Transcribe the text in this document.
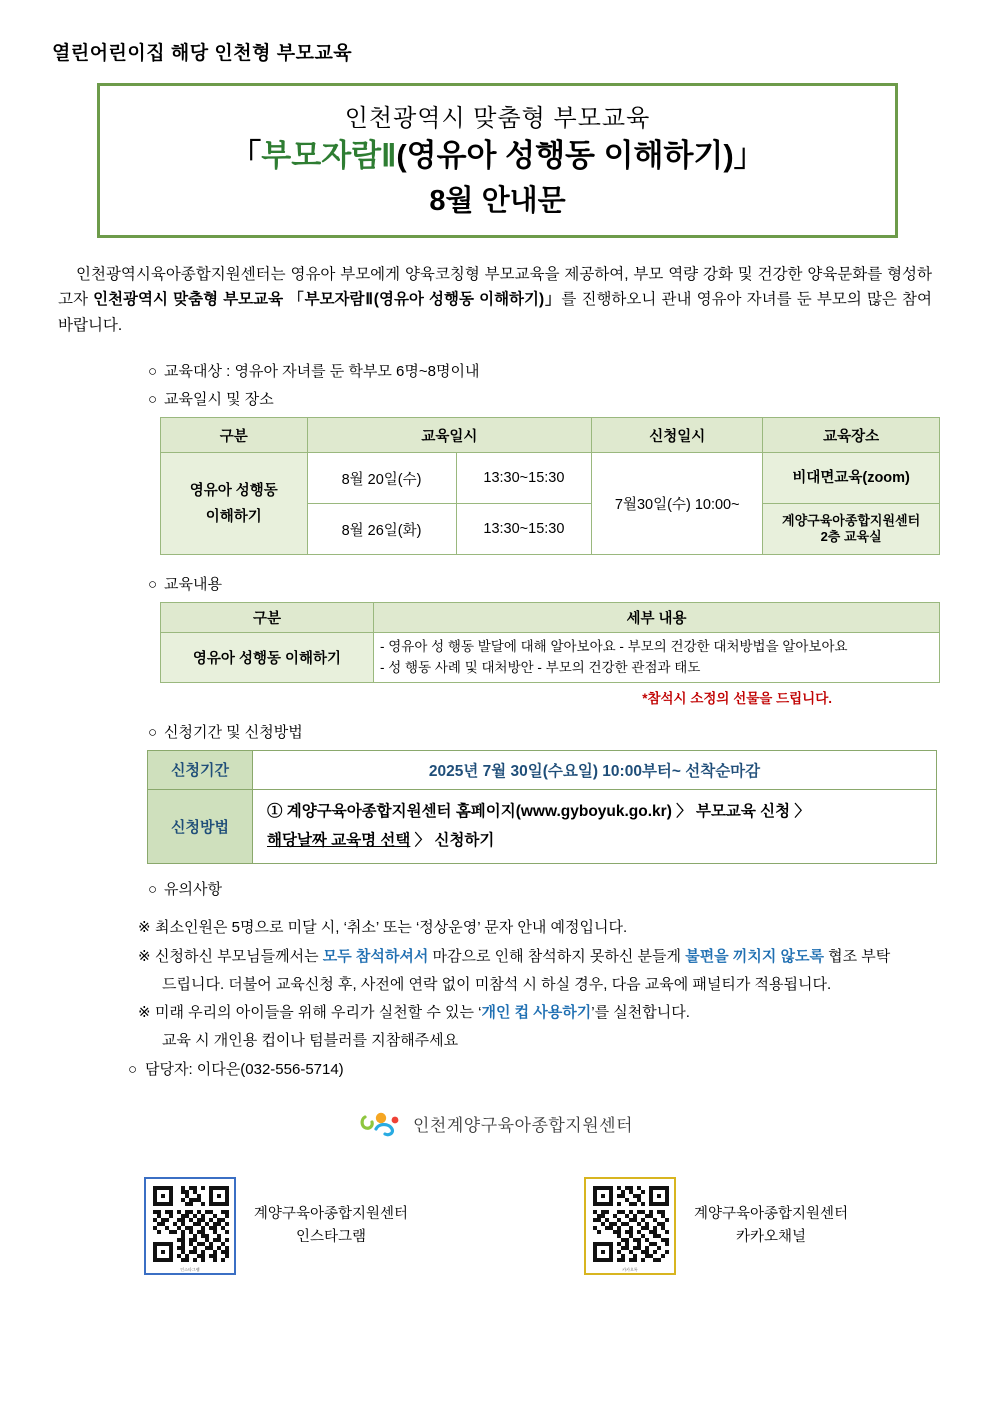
열린어린이집 해당 인천형 부모교육
인천광역시 맞춤형 부모교육
「부모자람Ⅱ(영유아 성행동 이해하기)」
8월 안내문
인천광역시육아종합지원센터는 영유아 부모에게 양육코칭형 부모교육을 제공하여, 부모 역량 강화 및 건강한 양육문화를 형성하고자 인천광역시 맞춤형 부모교육 「부모자람Ⅱ(영유아 성행동 이해하기)」를 진행하오니 관내 영유아 자녀를 둔 부모의 많은 참여 바랍니다.
○ 교육대상 : 영유아 자녀를 둔 학부모 6명~8명이내
○ 교육일시 및 장소
구분	교육일시		신청일시	교육장소

영유아 성행동
이해하기	8월 20일(수)	13:30~15:30	7월30일(수) 10:00~	비대면교육(zoom)
	8월 26일(화)	13:30~15:30		계양구육아종합지원센터
2층 교육실
○ 교육내용
구분	세부 내용
영유아 성행동 이해하기	- 영유아 성 행동 발달에 대해 알아보아요 - 부모의 건강한 대처방법을 알아보아요
- 성 행동 사례 및 대처방안 - 부모의 건강한 관점과 태도
*참석시 소정의 선물을 드립니다.
○ 신청기간 및 신청방법
신청기간	2025년 7월 30일(수요일) 10:00부터~ 선착순마감
신청방법	① 계양구육아종합지원센터 홈페이지(www.gyboyuk.go.kr) 〉 부모교육 신청 〉
해당날짜 교육명 선택 〉 신청하기
○ 유의사항
※ 최소인원은 5명으로 미달 시, ‘취소’ 또는 ‘정상운영’ 문자 안내 예정입니다.
※ 신청하신 부모님들께서는 모두 참석하셔서 마감으로 인해 참석하지 못하신 분들게 불편을 끼치지 않도록 협조 부탁
드립니다. 더불어 교육신청 후, 사전에 연락 없이 미참석 시 하실 경우, 다음 교육에 패널티가 적용됩니다.
※ 미래 우리의 아이들을 위해 우리가 실천할 수 있는 ‘개인 컵 사용하기’를 실천합니다.
교육 시 개인용 컵이나 텀블러를 지참해주세요
○ 담당자: 이다은(032-556-5714)
인천계양구육아종합지원센터
인스타그램
계양구육아종합지원센터
인스타그램
카카오톡
계양구육아종합지원센터
카카오채널
